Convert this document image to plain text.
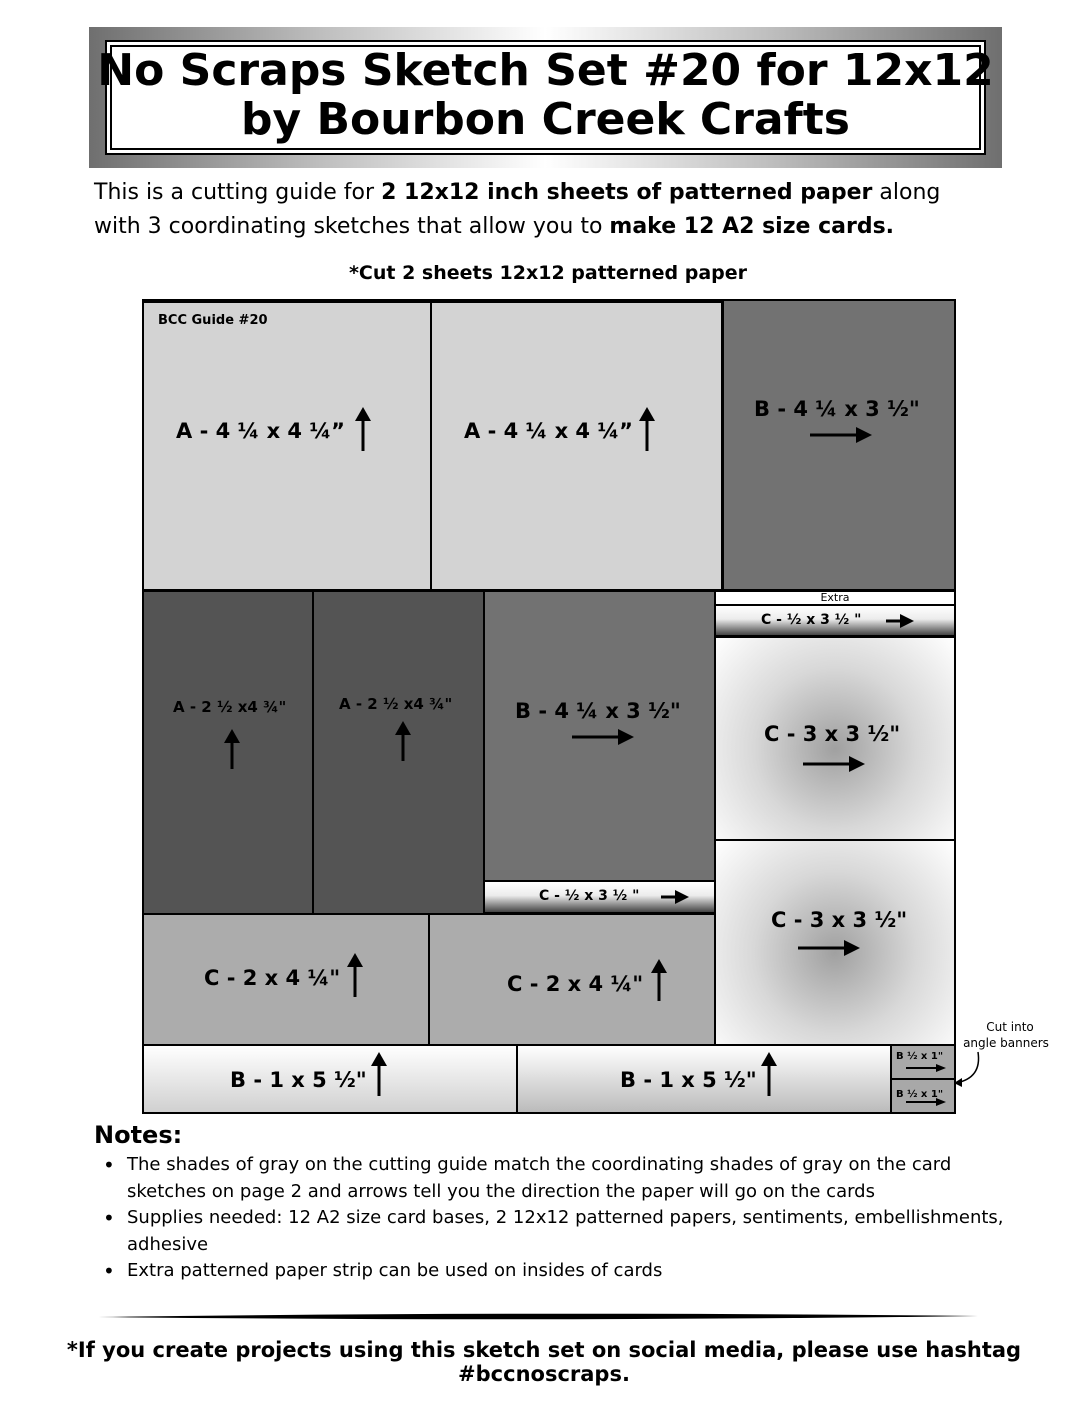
No Scraps Sketch Set #20 for 12x12
by Bourbon Creek Crafts
This is a cutting guide for 2 12x12 inch sheets of patterned paper along
with 3 coordinating sketches that allow you to make 12 A2 size cards.
*Cut 2 sheets 12x12 patterned paper
BCC Guide #20
A - 4 ¼ x 4 ¼”	A - 4 ¼ x 4 ¼”
B - 4 ¼ x 3 ½"
A - 2 ½ x4 ¾"	A - 2 ½ x4 ¾"	B - 4 ¼ x 3 ½"
C - ½ x 3 ½ "
Extra
C - ½ x 3 ½ "
C - 3 x 3 ½"
C - 3 x 3 ½"
C - 2 x 4 ¼"	C - 2 x 4 ¼"
B - 1 x 5 ½"	B - 1 x 5 ½"
B ½ x 1"
B ½ x 1"
Cut into
angle banners
Notes:
• The shades of gray on the cutting guide match the coordinating shades of gray on the card sketches on page 2 and arrows tell you the direction the paper will go on the cards
• Supplies needed: 12 A2 size card bases, 2 12x12 patterned papers, sentiments, embellishments, adhesive
• Extra patterned paper strip can be used on insides of cards
*If you create projects using this sketch set on social media, please use hashtag #bccnoscraps.
